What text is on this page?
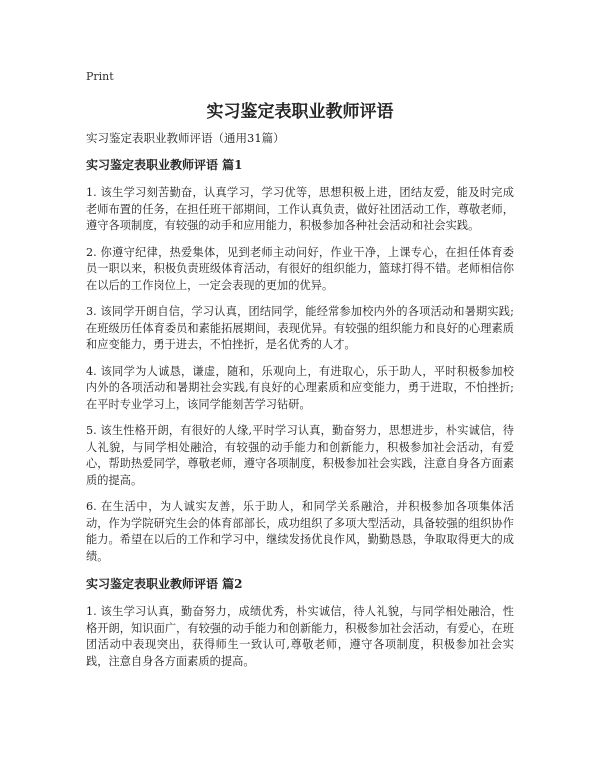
Print
实习鉴定表职业教师评语
实习鉴定表职业教师评语（通用31篇）
实习鉴定表职业教师评语 篇1

1. 该生学习刻苦勤奋，认真学习，学习优等，思想积极上进，团结友爱，能及时完成老师布置的任务，在担任班干部期间，工作认真负责，做好社团活动工作，尊敬老师，遵守各项制度，有较强的动手和应用能力，积极参加各种社会活动和社会实践。

2. 你遵守纪律，热爱集体，见到老师主动问好，作业干净，上课专心，在担任体育委员一职以来，积极负责班级体育活动，有很好的组织能力，篮球打得不错。老师相信你在以后的工作岗位上，一定会表现的更加的优异。

3. 该同学开朗自信，学习认真，团结同学，能经常参加校内外的各项活动和暑期实践;在班级历任体育委员和素能拓展期间，表现优异。有较强的组织能力和良好的心理素质和应变能力，勇于进去，不怕挫折，是名优秀的人才。

4. 该同学为人诚恳，谦虚，随和，乐观向上，有进取心，乐于助人，平时积极参加校内外的各项活动和暑期社会实践,有良好的心理素质和应变能力，勇于进取，不怕挫折;在平时专业学习上，该同学能刻苦学习钻研。

5. 该生性格开朗，有很好的人缘,平时学习认真，勤奋努力，思想进步，朴实诚信，待人礼貌，与同学相处融洽，有较强的动手能力和创新能力，积极参加社会活动，有爱心，帮助热爱同学，尊敬老师，遵守各项制度，积极参加社会实践，注意自身各方面素质的提高。

6. 在生活中，为人诚实友善，乐于助人，和同学关系融洽，并积极参加各项集体活动，作为学院研究生会的体育部部长，成功组织了多项大型活动，具备较强的组织协作能力。希望在以后的工作和学习中，继续发扬优良作风，勤勤恳恳，争取取得更大的成绩。

实习鉴定表职业教师评语 篇2

1. 该生学习认真，勤奋努力，成绩优秀，朴实诚信，待人礼貌，与同学相处融洽，性格开朗，知识面广，有较强的动手能力和创新能力，积极参加社会活动，有爱心，在班团活动中表现突出，获得师生一致认可,尊敬老师，遵守各项制度，积极参加社会实践，注意自身各方面素质的提高。
